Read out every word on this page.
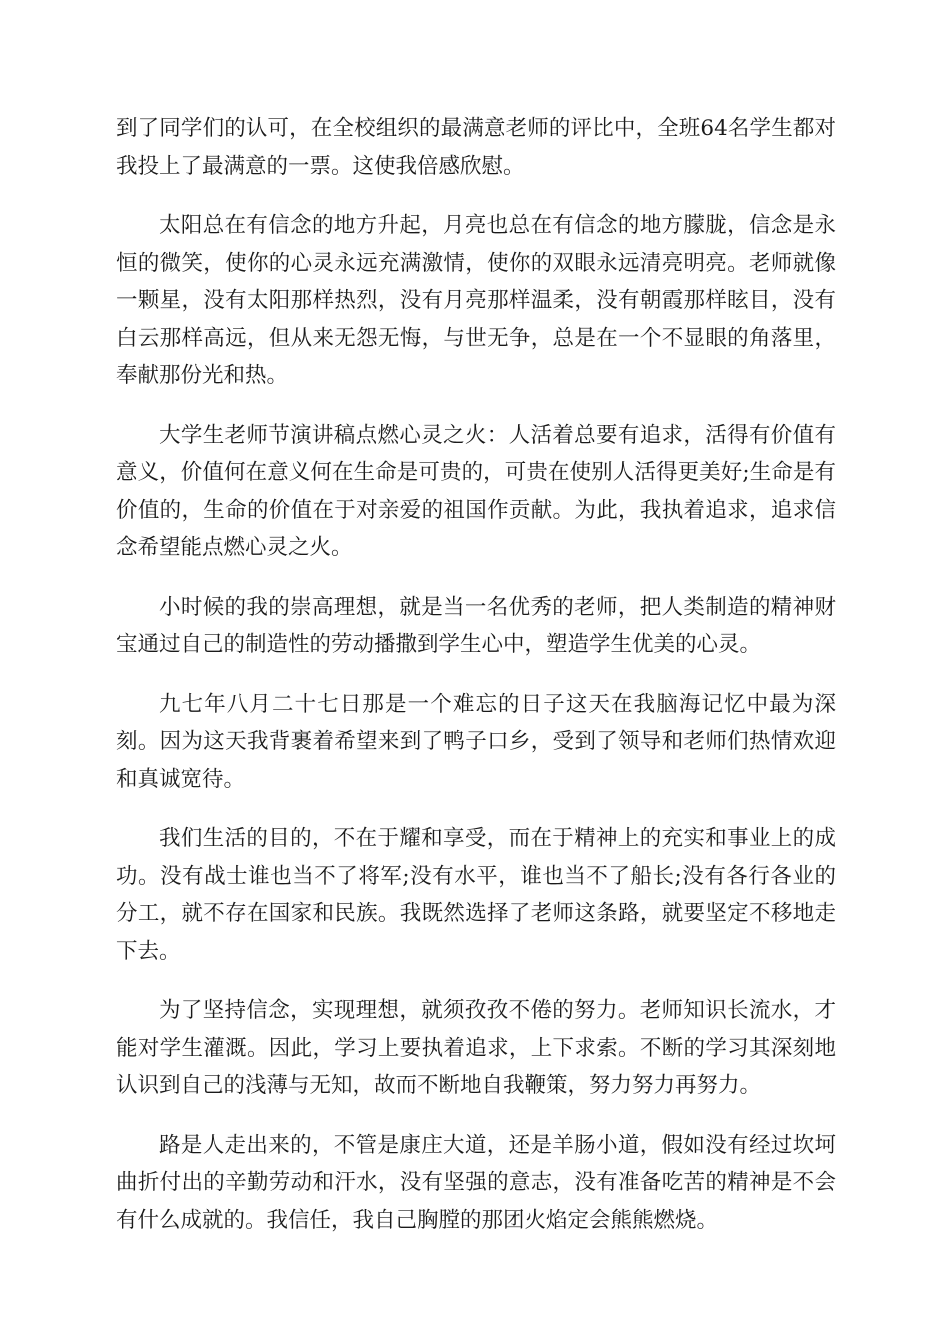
到了同学们的认可，在全校组织的最满意老师的评比中，全班64名学生都对我投上了最满意的一票。这使我倍感欣慰。

太阳总在有信念的地方升起，月亮也总在有信念的地方朦胧，信念是永恒的微笑，使你的心灵永远充满激情，使你的双眼永远清亮明亮。老师就像一颗星，没有太阳那样热烈，没有月亮那样温柔，没有朝霞那样眩目，没有白云那样高远，但从来无怨无悔，与世无争，总是在一个不显眼的角落里，奉献那份光和热。

大学生老师节演讲稿点燃心灵之火：人活着总要有追求，活得有价值有意义，价值何在意义何在生命是可贵的，可贵在使别人活得更美好;生命是有价值的，生命的价值在于对亲爱的祖国作贡献。为此，我执着追求，追求信念希望能点燃心灵之火。

小时候的我的崇高理想，就是当一名优秀的老师，把人类制造的精神财宝通过自己的制造性的劳动播撒到学生心中，塑造学生优美的心灵。

九七年八月二十七日那是一个难忘的日子这天在我脑海记忆中最为深刻。因为这天我背裹着希望来到了鸭子口乡，受到了领导和老师们热情欢迎和真诚宽待。

我们生活的目的，不在于耀和享受，而在于精神上的充实和事业上的成功。没有战士谁也当不了将军;没有水平，谁也当不了船长;没有各行各业的分工，就不存在国家和民族。我既然选择了老师这条路，就要坚定不移地走下去。

为了坚持信念，实现理想，就须孜孜不倦的努力。老师知识长流水，才能对学生灌溉。因此，学习上要执着追求，上下求索。不断的学习其深刻地认识到自己的浅薄与无知，故而不断地自我鞭策，努力努力再努力。

路是人走出来的，不管是康庄大道，还是羊肠小道，假如没有经过坎坷曲折付出的辛勤劳动和汗水，没有坚强的意志，没有准备吃苦的精神是不会有什么成就的。我信任，我自己胸膛的那团火焰定会熊熊燃烧。
